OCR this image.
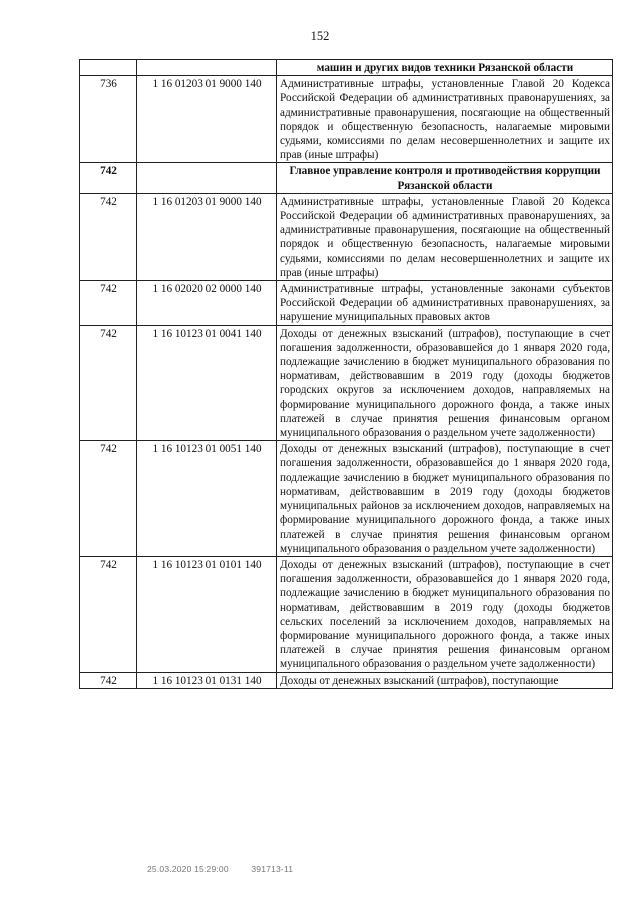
152
		машин и других видов техники Рязанской области
736	1 16 01203 01 9000 140	Административные штрафы, установленные Главой 20 Кодекса Российской Федерации об административных правонарушениях, за административные правонарушения, посягающие на общественный порядок и общественную безопасность, налагаемые мировыми судьями, комиссиями по делам несовершеннолетних и защите их прав (иные штрафы)
742		Главное управление контроля и противодействия коррупции Рязанской области
742	1 16 01203 01 9000 140	Административные штрафы, установленные Главой 20 Кодекса Российской Федерации об административных правонарушениях, за административные правонарушения, посягающие на общественный порядок и общественную безопасность, налагаемые мировыми судьями, комиссиями по делам несовершеннолетних и защите их прав (иные штрафы)
742	1 16 02020 02 0000 140	Административные штрафы, установленные законами субъектов Российской Федерации об административных правонарушениях, за нарушение муниципальных правовых актов
742	1 16 10123 01 0041 140	Доходы от денежных взысканий (штрафов), поступающие в счет погашения задолженности, образовавшейся до 1 января 2020 года, подлежащие зачислению в бюджет муниципального образования по нормативам, действовавшим в 2019 году (доходы бюджетов городских округов за исключением доходов, направляемых на формирование муниципального дорожного фонда, а также иных платежей в случае принятия решения финансовым органом муниципального образования о раздельном учете задолженности)
742	1 16 10123 01 0051 140	Доходы от денежных взысканий (штрафов), поступающие в счет погашения задолженности, образовавшейся до 1 января 2020 года, подлежащие зачислению в бюджет муниципального образования по нормативам, действовавшим в 2019 году (доходы бюджетов муниципальных районов за исключением доходов, направляемых на формирование муниципального дорожного фонда, а также иных платежей в случае принятия решения финансовым органом муниципального образования о раздельном учете задолженности)
742	1 16 10123 01 0101 140	Доходы от денежных взысканий (штрафов), поступающие в счет погашения задолженности, образовавшейся до 1 января 2020 года, подлежащие зачислению в бюджет муниципального образования по нормативам, действовавшим в 2019 году (доходы бюджетов сельских поселений за исключением доходов, направляемых на формирование муниципального дорожного фонда, а также иных платежей в случае принятия решения финансовым органом муниципального образования о раздельном учете задолженности)
742	1 16 10123 01 0131 140	Доходы от денежных взысканий (штрафов), поступающие
25.03.2020 15:29:00	391713-11
